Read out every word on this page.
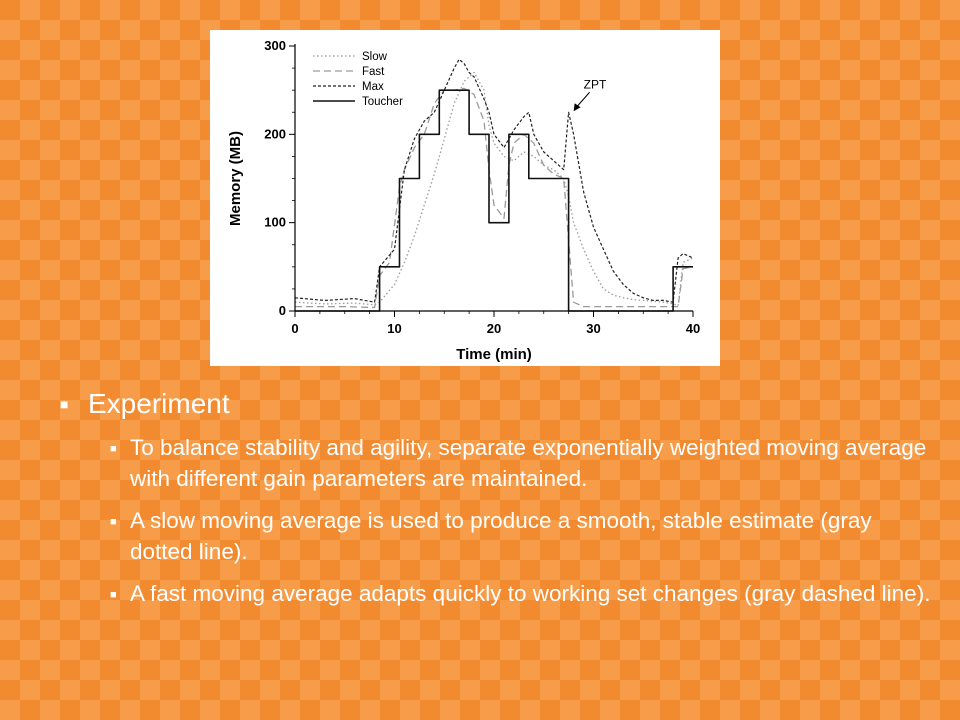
0	10	20	30	40
0
100
200
300
Time (min)
Memory (MB)
Slow
Fast
Max
Toucher
ZPT
■ Experiment
■ To balance stability and agility, separate exponentially weighted moving average with different gain parameters are maintained.
■ A slow moving average is used to produce a smooth, stable estimate (gray dotted line).
■ A fast moving average adapts quickly to working set changes (gray dashed line).
